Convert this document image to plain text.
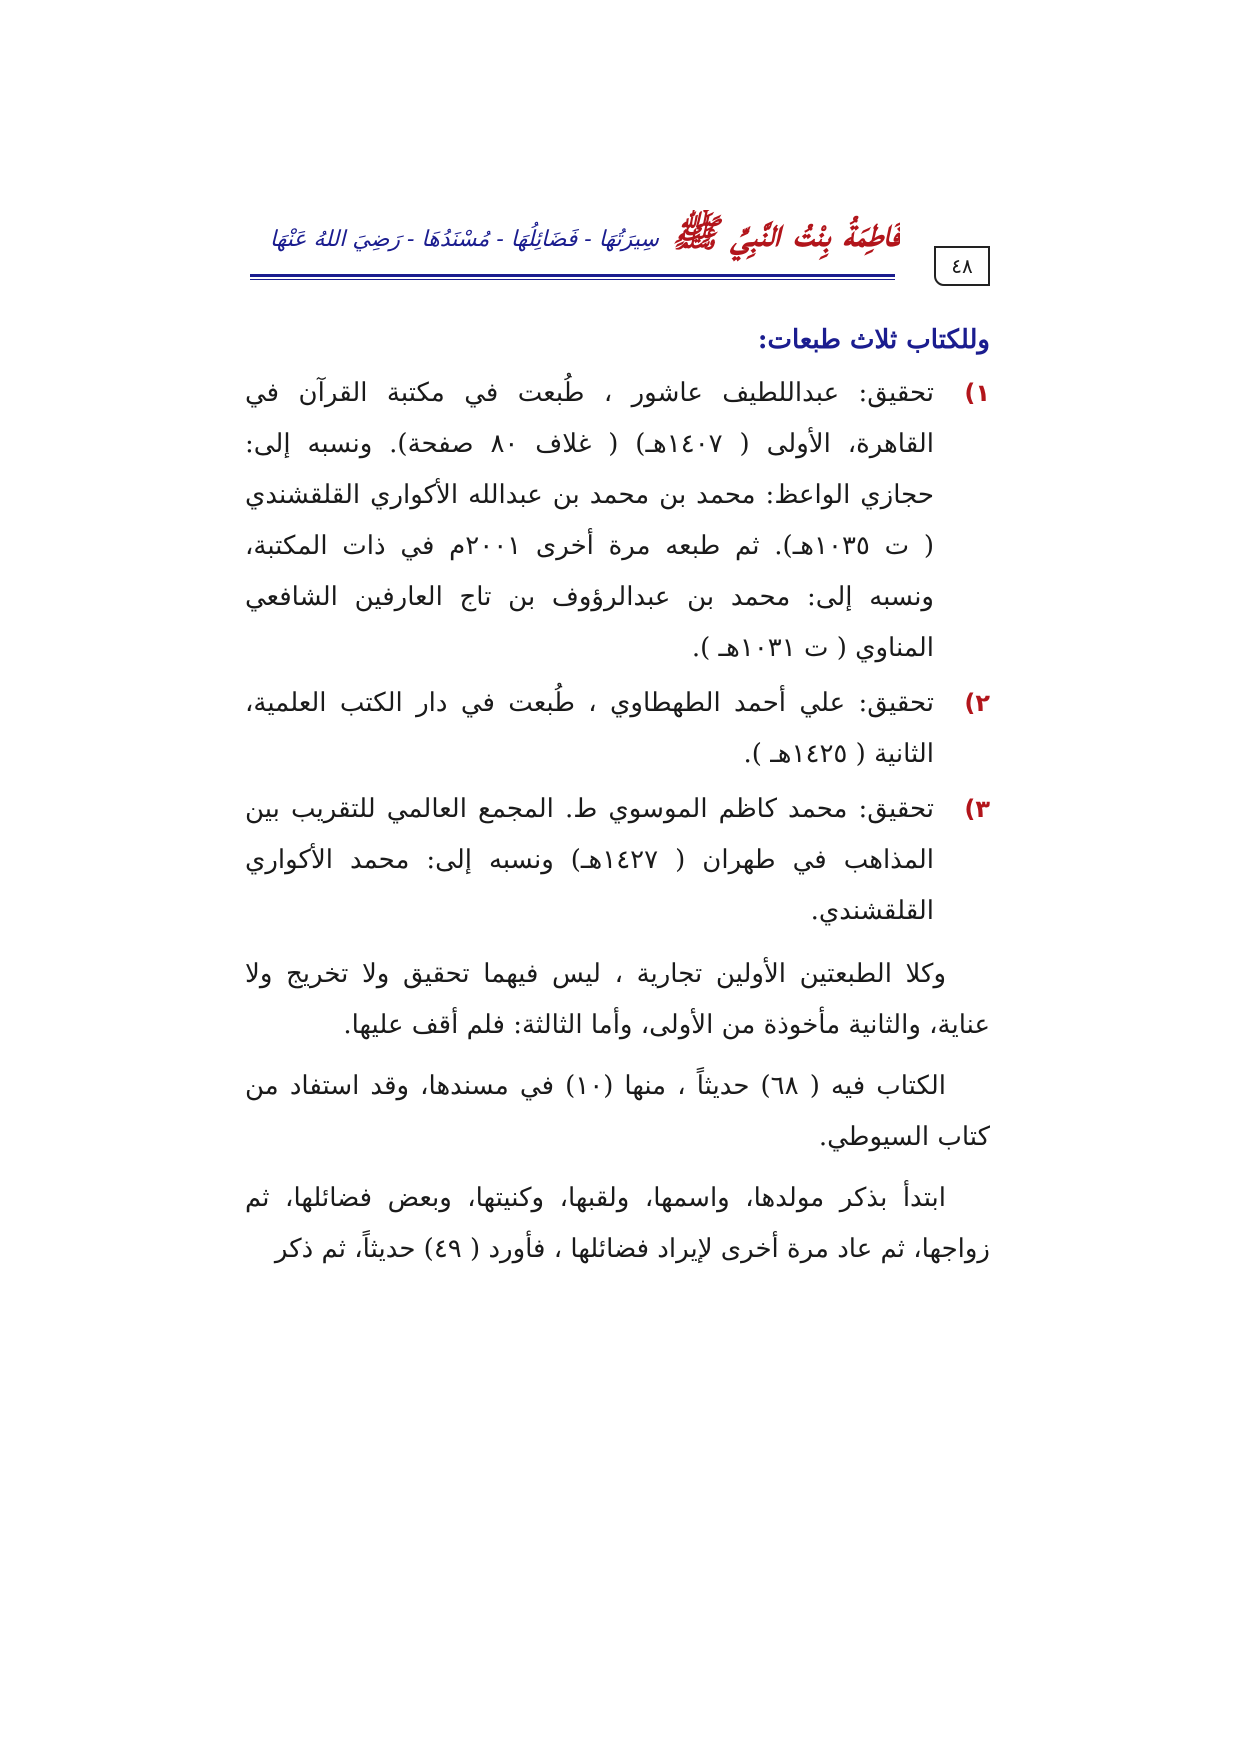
فَاطِمَةُ بِنْتُ النَّبِيِّ ﷺ سِيرَتُهَا - فَضَائِلُهَا - مُسْنَدُهَا - رَضِيَ اللهُ عَنْهَا
٤٨
وللكتاب ثلاث طبعات:
١)
تحقيق: عبداللطيف عاشور ، طُبعت في مكتبة القرآن في القاهرة، الأولى ( ١٤٠٧هـ) ( غلاف ٨٠ صفحة). ونسبه إلى: حجازي الواعظ: محمد بن محمد بن عبدالله الأكواري القلقشندي ( ت ١٠٣٥هـ). ثم طبعه مرة أخرى ٢٠٠١م في ذات المكتبة، ونسبه إلى: محمد بن عبدالرؤوف بن تاج العارفين الشافعي المناوي ( ت ١٠٣١هـ ).
٢)
تحقيق: علي أحمد الطهطاوي ، طُبعت في دار الكتب العلمية، الثانية ( ١٤٢٥هـ ).
٣)
تحقيق: محمد كاظم الموسوي ط. المجمع العالمي للتقريب بين المذاهب في طهران ( ١٤٢٧هـ) ونسبه إلى: محمد الأكواري القلقشندي.

وكلا الطبعتين الأولين تجارية ، ليس فيهما تحقيق ولا تخريج ولا عناية، والثانية مأخوذة من الأولى، وأما الثالثة: فلم أقف عليها.

الكتاب فيه ( ٦٨) حديثاً ، منها (١٠) في مسندها، وقد استفاد من كتاب السيوطي.

ابتدأ بذكر مولدها، واسمها، ولقبها، وكنيتها، وبعض فضائلها، ثم زواجها، ثم عاد مرة أخرى لإيراد فضائلها ، فأورد ( ٤٩) حديثاً، ثم ذكر
